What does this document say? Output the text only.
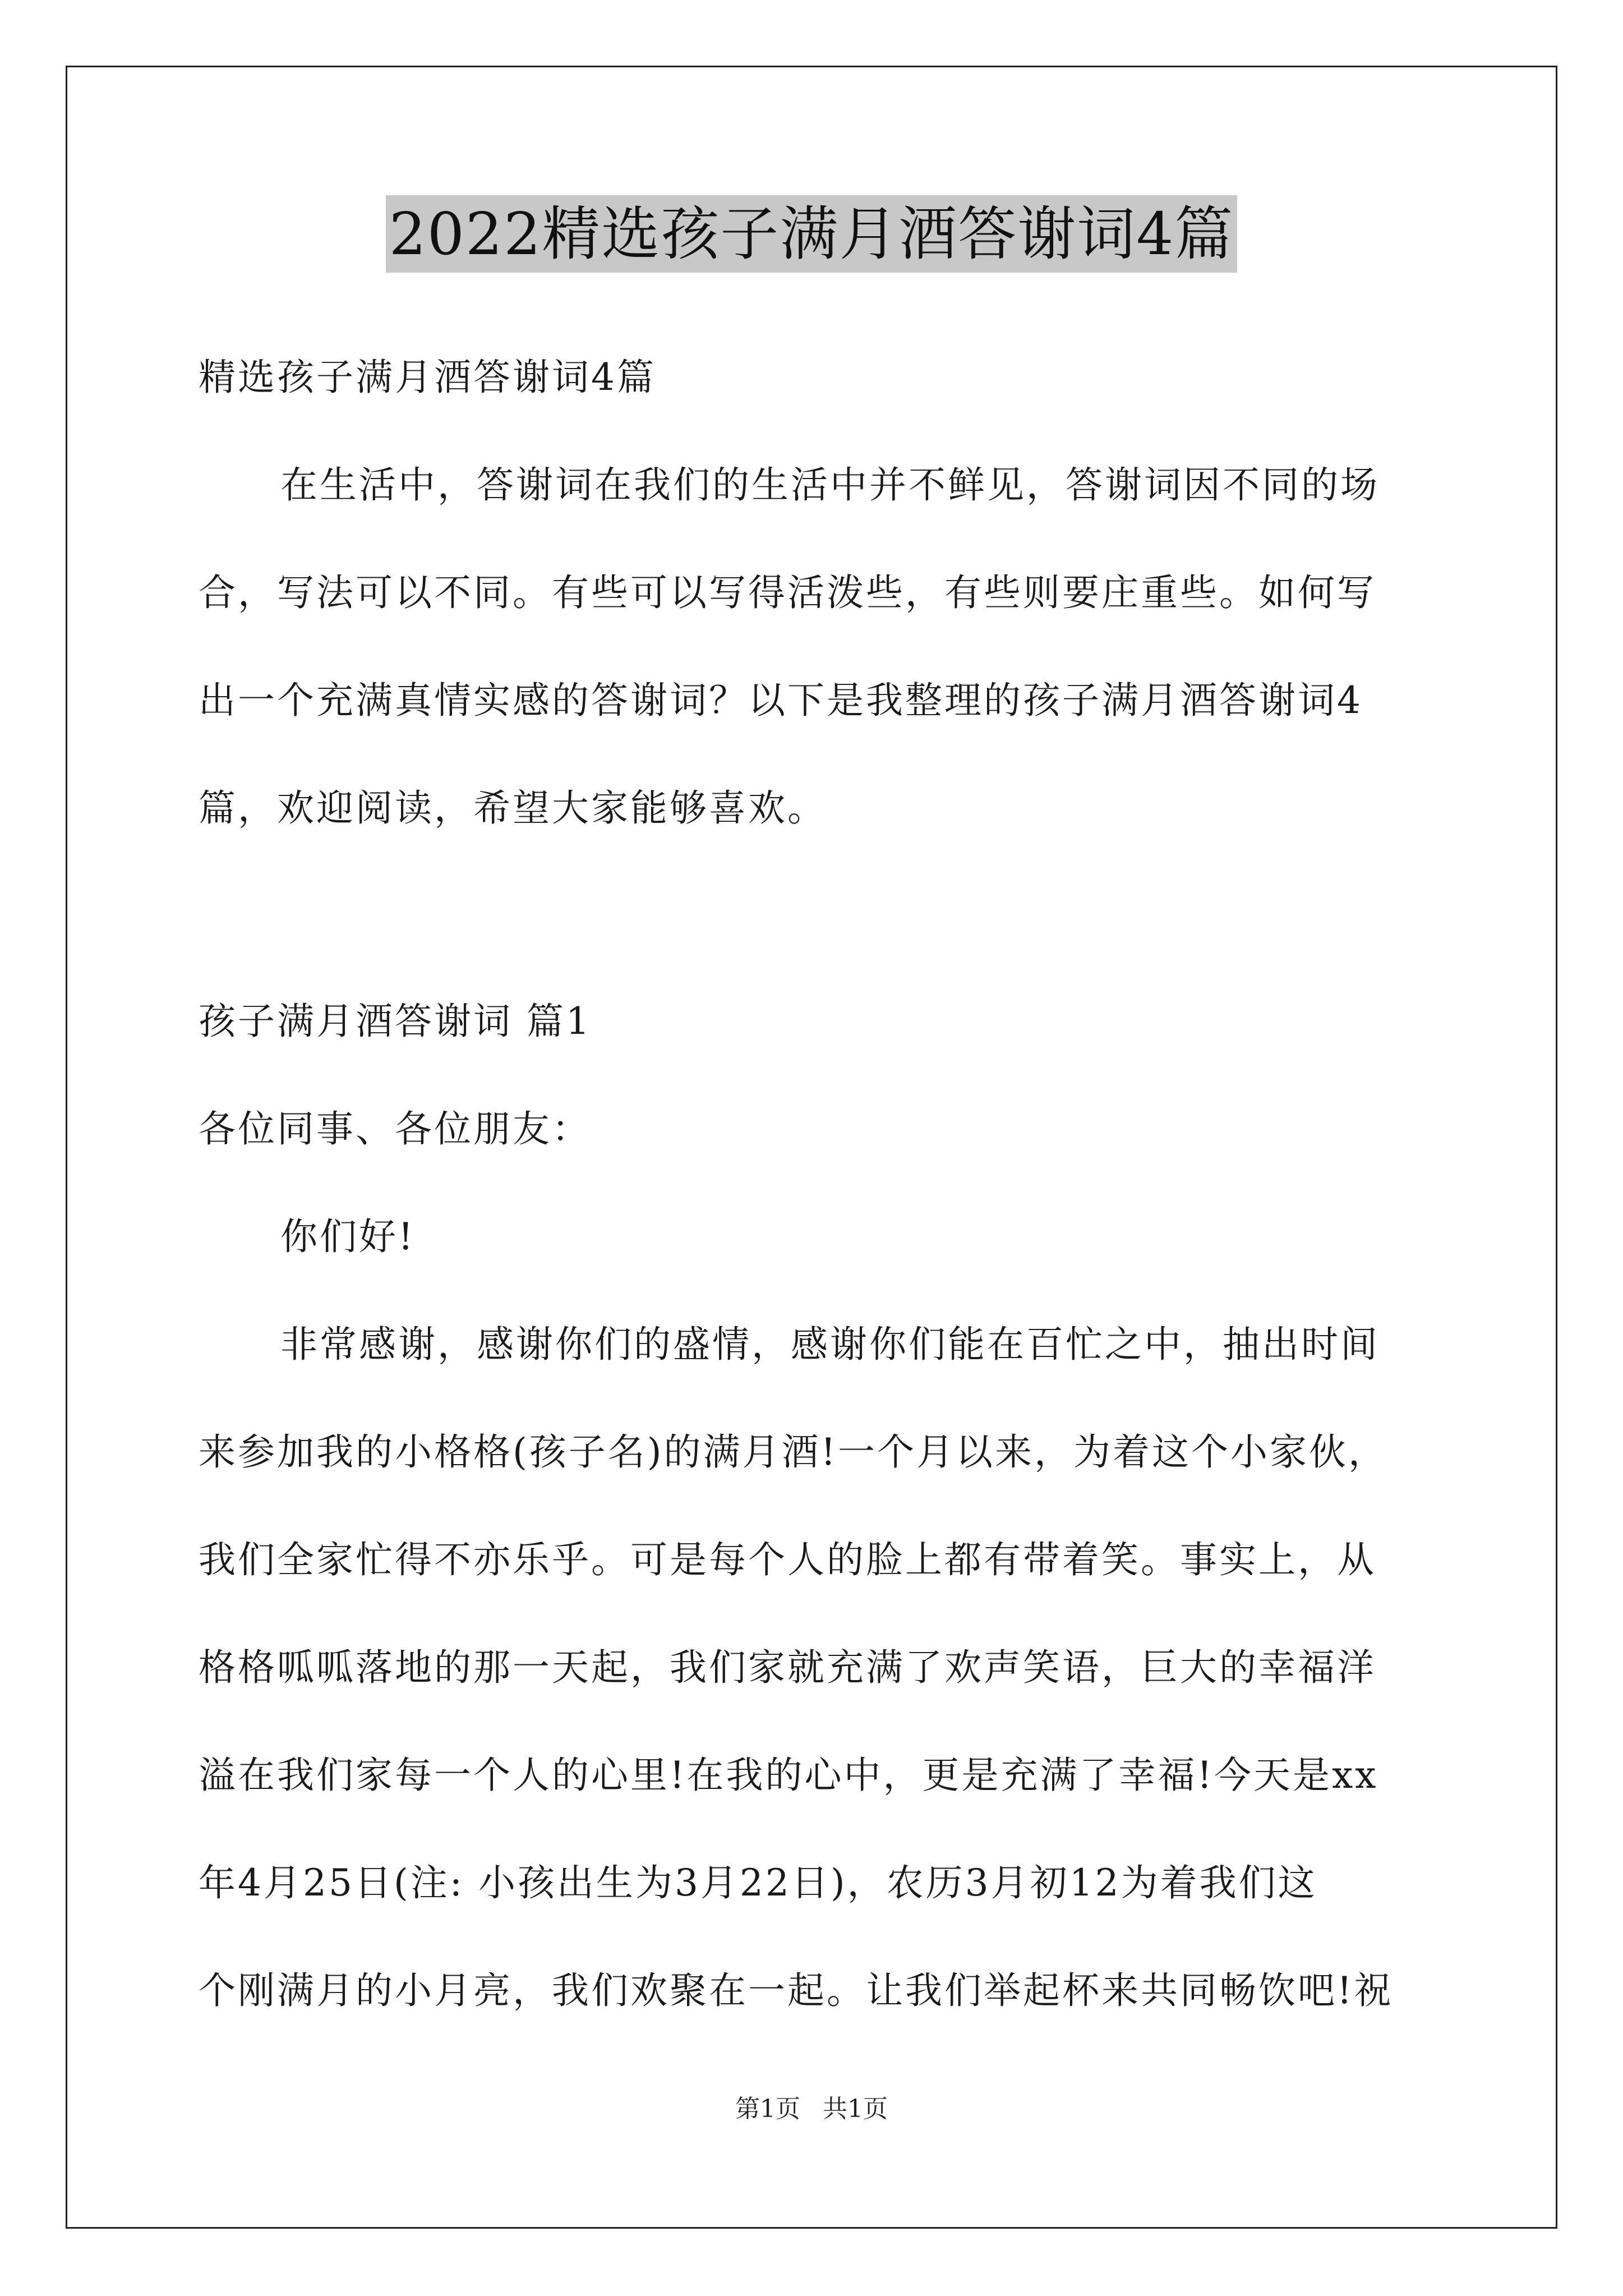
2022精选孩子满月酒答谢词4篇
精选孩子满月酒答谢词4篇
在生活中，答谢词在我们的生活中并不鲜见，答谢词因不同的场
合，写法可以不同。有些可以写得活泼些，有些则要庄重些。如何写
出一个充满真情实感的答谢词？以下是我整理的孩子满月酒答谢词4
篇，欢迎阅读，希望大家能够喜欢。
孩子满月酒答谢词 篇1
各位同事、各位朋友：
你们好!
非常感谢，感谢你们的盛情，感谢你们能在百忙之中，抽出时间
来参加我的小格格(孩子名)的满月酒!一个月以来，为着这个小家伙，
我们全家忙得不亦乐乎。可是每个人的脸上都有带着笑。事实上，从
格格呱呱落地的那一天起，我们家就充满了欢声笑语，巨大的幸福洋
溢在我们家每一个人的心里!在我的心中，更是充满了幸福!今天是xx
年4月25日(注: 小孩出生为3月22日)，农历3月初12为着我们这
个刚满月的小月亮，我们欢聚在一起。让我们举起杯来共同畅饮吧!祝
第1页 共1页
